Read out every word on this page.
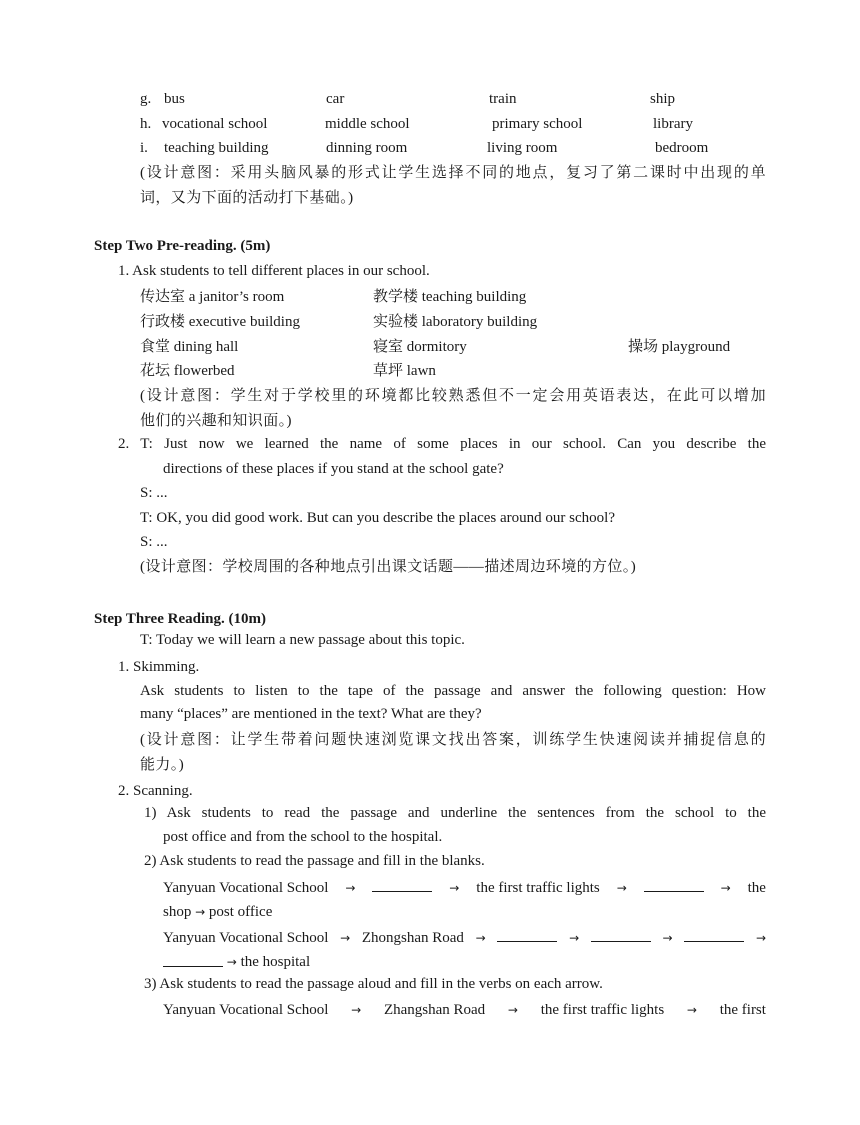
g. bus	car	train	ship
h. vocational school	middle school	primary school	library
i. teaching building	dinning room	living room	bedroom
(设计意图：采用头脑风暴的形式让学生选择不同的地点，复习了第二课时中出现的单
词，又为下面的活动打下基础。)
Step Two Pre-reading. (5m)
1. Ask students to tell different places in our school.
传达室 a janitor’s room	教学楼 teaching building
行政楼 executive building	实验楼 laboratory building
食堂 dining hall	寝室 dormitory	操场 playground
花坛 flowerbed	草坪 lawn
(设计意图：学生对于学校里的环境都比较熟悉但不一定会用英语表达，在此可以增加
他们的兴趣和知识面。)
2. T: Just now we learned the name of some places in our school. Can you describe the
directions of these places if you stand at the school gate?
S: ...
T: OK, you did good work. But can you describe the places around our school?
S: ...
(设计意图：学校周围的各种地点引出课文话题——描述周边环境的方位。)
Step Three Reading. (10m)
T: Today we will learn a new passage about this topic.
1. Skimming.
Ask students to listen to the tape of the passage and answer the following question: How
many “places” are mentioned in the text? What are they?
(设计意图：让学生带着问题快速浏览课文找出答案，训练学生快速阅读并捕捉信息的
能力。)
2. Scanning.
1) Ask students to read the passage and underline the sentences from the school to the
post office and from the school to the hospital.
2) Ask students to read the passage and fill in the blanks.
Yanyuan Vocational School →	→ the first traffic lights →	→ the
shop → post office
Yanyuan Vocational School → Zhongshan Road →	→	→	→
→ the hospital
3) Ask students to read the passage aloud and fill in the verbs on each arrow.
Yanyuan Vocational School → Zhangshan Road → the first traffic lights → the first
